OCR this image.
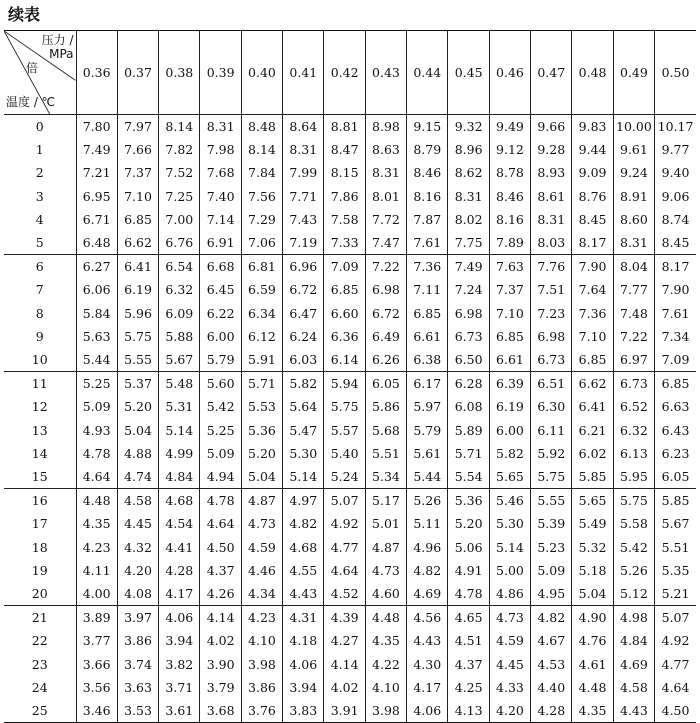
续表
压力 /
MPa
倍
温度 / ℃	0.36	0.37	0.38	0.39	0.40	0.41	0.42	0.43	0.44	0.45	0.46	0.47	0.48	0.49	0.50
0	7.80	7.97	8.14	8.31	8.48	8.64	8.81	8.98	9.15	9.32	9.49	9.66	9.83	10.00	10.17
1	7.49	7.66	7.82	7.98	8.14	8.31	8.47	8.63	8.79	8.96	9.12	9.28	9.44	9.61	9.77
2	7.21	7.37	7.52	7.68	7.84	7.99	8.15	8.31	8.46	8.62	8.78	8.93	9.09	9.24	9.40
3	6.95	7.10	7.25	7.40	7.56	7.71	7.86	8.01	8.16	8.31	8.46	8.61	8.76	8.91	9.06
4	6.71	6.85	7.00	7.14	7.29	7.43	7.58	7.72	7.87	8.02	8.16	8.31	8.45	8.60	8.74
5	6.48	6.62	6.76	6.91	7.06	7.19	7.33	7.47	7.61	7.75	7.89	8.03	8.17	8.31	8.45
6	6.27	6.41	6.54	6.68	6.81	6.96	7.09	7.22	7.36	7.49	7.63	7.76	7.90	8.04	8.17
7	6.06	6.19	6.32	6.45	6.59	6.72	6.85	6.98	7.11	7.24	7.37	7.51	7.64	7.77	7.90
8	5.84	5.96	6.09	6.22	6.34	6.47	6.60	6.72	6.85	6.98	7.10	7.23	7.36	7.48	7.61
9	5.63	5.75	5.88	6.00	6.12	6.24	6.36	6.49	6.61	6.73	6.85	6.98	7.10	7.22	7.34
10	5.44	5.55	5.67	5.79	5.91	6.03	6.14	6.26	6.38	6.50	6.61	6.73	6.85	6.97	7.09
11	5.25	5.37	5.48	5.60	5.71	5.82	5.94	6.05	6.17	6.28	6.39	6.51	6.62	6.73	6.85
12	5.09	5.20	5.31	5.42	5.53	5.64	5.75	5.86	5.97	6.08	6.19	6.30	6.41	6.52	6.63
13	4.93	5.04	5.14	5.25	5.36	5.47	5.57	5.68	5.79	5.89	6.00	6.11	6.21	6.32	6.43
14	4.78	4.88	4.99	5.09	5.20	5.30	5.40	5.51	5.61	5.71	5.82	5.92	6.02	6.13	6.23
15	4.64	4.74	4.84	4.94	5.04	5.14	5.24	5.34	5.44	5.54	5.65	5.75	5.85	5.95	6.05
16	4.48	4.58	4.68	4.78	4.87	4.97	5.07	5.17	5.26	5.36	5.46	5.55	5.65	5.75	5.85
17	4.35	4.45	4.54	4.64	4.73	4.82	4.92	5.01	5.11	5.20	5.30	5.39	5.49	5.58	5.67
18	4.23	4.32	4.41	4.50	4.59	4.68	4.77	4.87	4.96	5.06	5.14	5.23	5.32	5.42	5.51
19	4.11	4.20	4.28	4.37	4.46	4.55	4.64	4.73	4.82	4.91	5.00	5.09	5.18	5.26	5.35
20	4.00	4.08	4.17	4.26	4.34	4.43	4.52	4.60	4.69	4.78	4.86	4.95	5.04	5.12	5.21
21	3.89	3.97	4.06	4.14	4.23	4.31	4.39	4.48	4.56	4.65	4.73	4.82	4.90	4.98	5.07
22	3.77	3.86	3.94	4.02	4.10	4.18	4.27	4.35	4.43	4.51	4.59	4.67	4.76	4.84	4.92
23	3.66	3.74	3.82	3.90	3.98	4.06	4.14	4.22	4.30	4.37	4.45	4.53	4.61	4.69	4.77
24	3.56	3.63	3.71	3.79	3.86	3.94	4.02	4.10	4.17	4.25	4.33	4.40	4.48	4.58	4.64
25	3.46	3.53	3.61	3.68	3.76	3.83	3.91	3.98	4.06	4.13	4.20	4.28	4.35	4.43	4.50
